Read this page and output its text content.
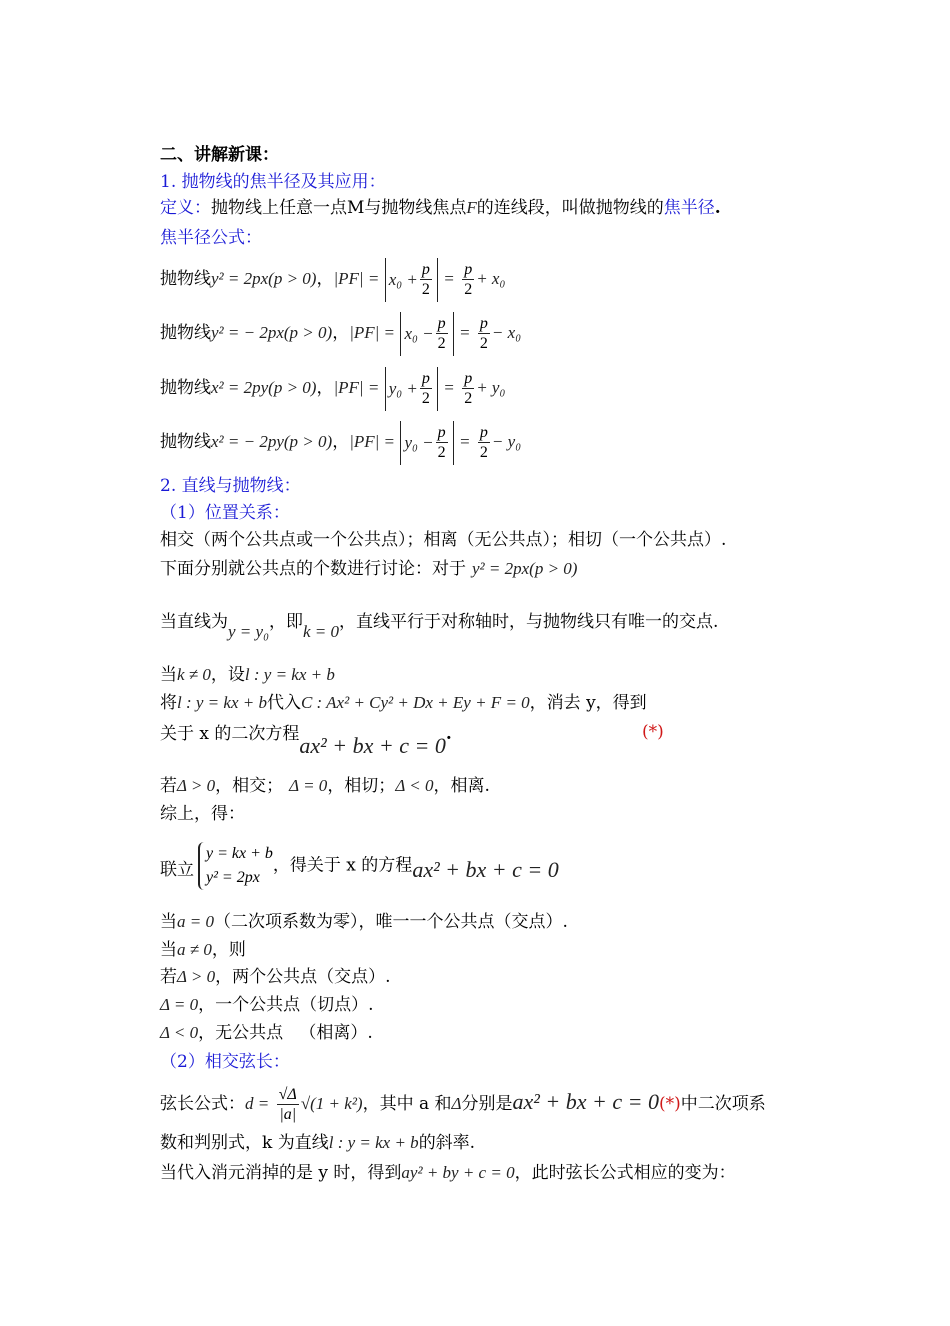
二、讲解新课：
1. 抛物线的焦半径及其应用：
定义：抛物线上任意一点M与抛物线焦点F的连线段，叫做抛物线的焦半径.
焦半径公式：
抛物线y² = 2px(p > 0)，$|PF| = x_0 + \frac{p}{2} = \frac{p}{2} + x_0$
抛物线y² = − 2px(p > 0)，$|PF| = x_0 - \frac{p}{2} = \frac{p}{2} - x_0$
抛物线x² = 2py(p > 0)，$|PF| = y_0 + \frac{p}{2} = \frac{p}{2} + y_0$
抛物线x² = − 2py(p > 0)，$|PF| = y_0 - \frac{p}{2} = \frac{p}{2} - y_0$
2. 直线与抛物线：
（1）位置关系：
相交（两个公共点或一个公共点）；相离（无公共点）；相切（一个公共点）.
下面分别就公共点的个数进行讨论：对于 y² = 2px(p > 0)
当直线为y = y₀，即k = 0，直线平行于对称轴时，与抛物线只有唯一的交点.
当k ≠ 0，设l : y = kx + b
将l : y = kx + b代入C : Ax² + Cy² + Dx + Ey + F = 0，消去 y，得到
关于 x 的二次方程ax² + bx + c = 0.	(*)
若Δ > 0，相交； Δ = 0，相切；Δ < 0，相离.
综上，得：
联立
y = kx + b
y² = 2px
，得关于 x 的方程ax² + bx + c = 0
当a = 0（二次项系数为零），唯一一个公共点（交点）.
当a ≠ 0，则
若Δ > 0，两个公共点（交点）.
Δ = 0，一个公共点（切点）.
Δ < 0，无公共点   （相离）.
（2）相交弦长：
弦长公式：$d = \frac{√\Delta}{|a|} √(1 + k^2)$，其中 a 和Δ分别是ax² + bx + c = 0(*)中二次项系
数和判别式，k 为直线l : y = kx + b的斜率.
当代入消元消掉的是 y 时，得到ay² + by + c = 0，此时弦长公式相应的变为：
